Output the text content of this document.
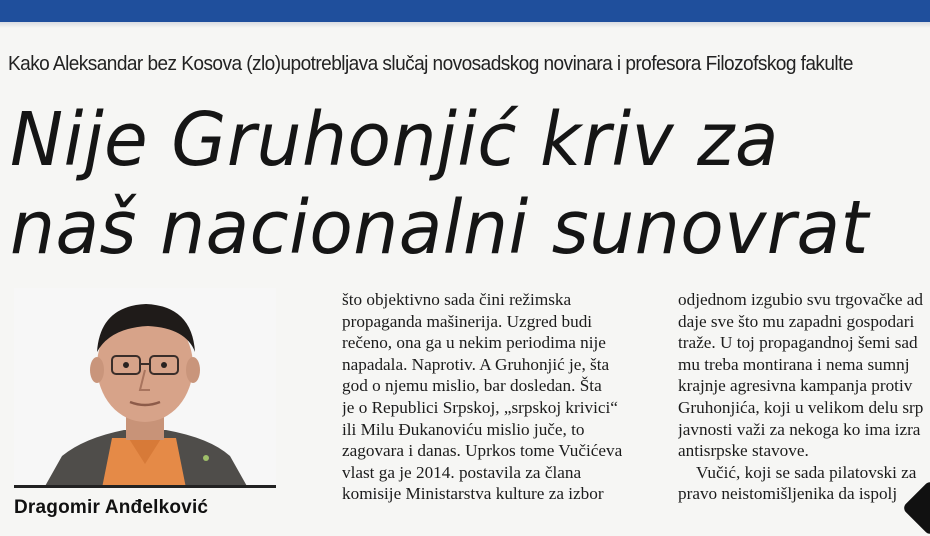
Kako Aleksandar bez Kosova (zlo)upotrebljava slučaj novosadskog novinara i profesora Filozofskog fakulte
Nije Gruhonjić kriv za
naš nacionalni sunovrat
Dragomir Anđelković
što objektivno sada čini režimska
propaganda mašinerija. Uzgred budi
rečeno, ona ga u nekim periodima nije
napadala. Naprotiv. A Gruhonjić je, šta
god o njemu mislio, bar dosledan. Šta
je o Republici Srpskoj, „srpskoj krivici“
ili Milu Đukanoviću mislio juče, to
zagovara i danas. Uprkos tome Vučićeva
vlast ga je 2014. postavila za člana
komisije Ministarstva kulture za izbor
odjednom izgubio svu trgovačke ad
daje sve što mu zapadni gospodari
traže. U toj propagandnoj šemi sad
mu treba montirana i nema sumnj
krajnje agresivna kampanja protiv
Gruhonjića, koji u velikom delu srp
javnosti važi za nekoga ko ima izra
antisrpske stavove.
Vučić, koji se sada pilatovski za
pravo neistomišljenika da ispolj
